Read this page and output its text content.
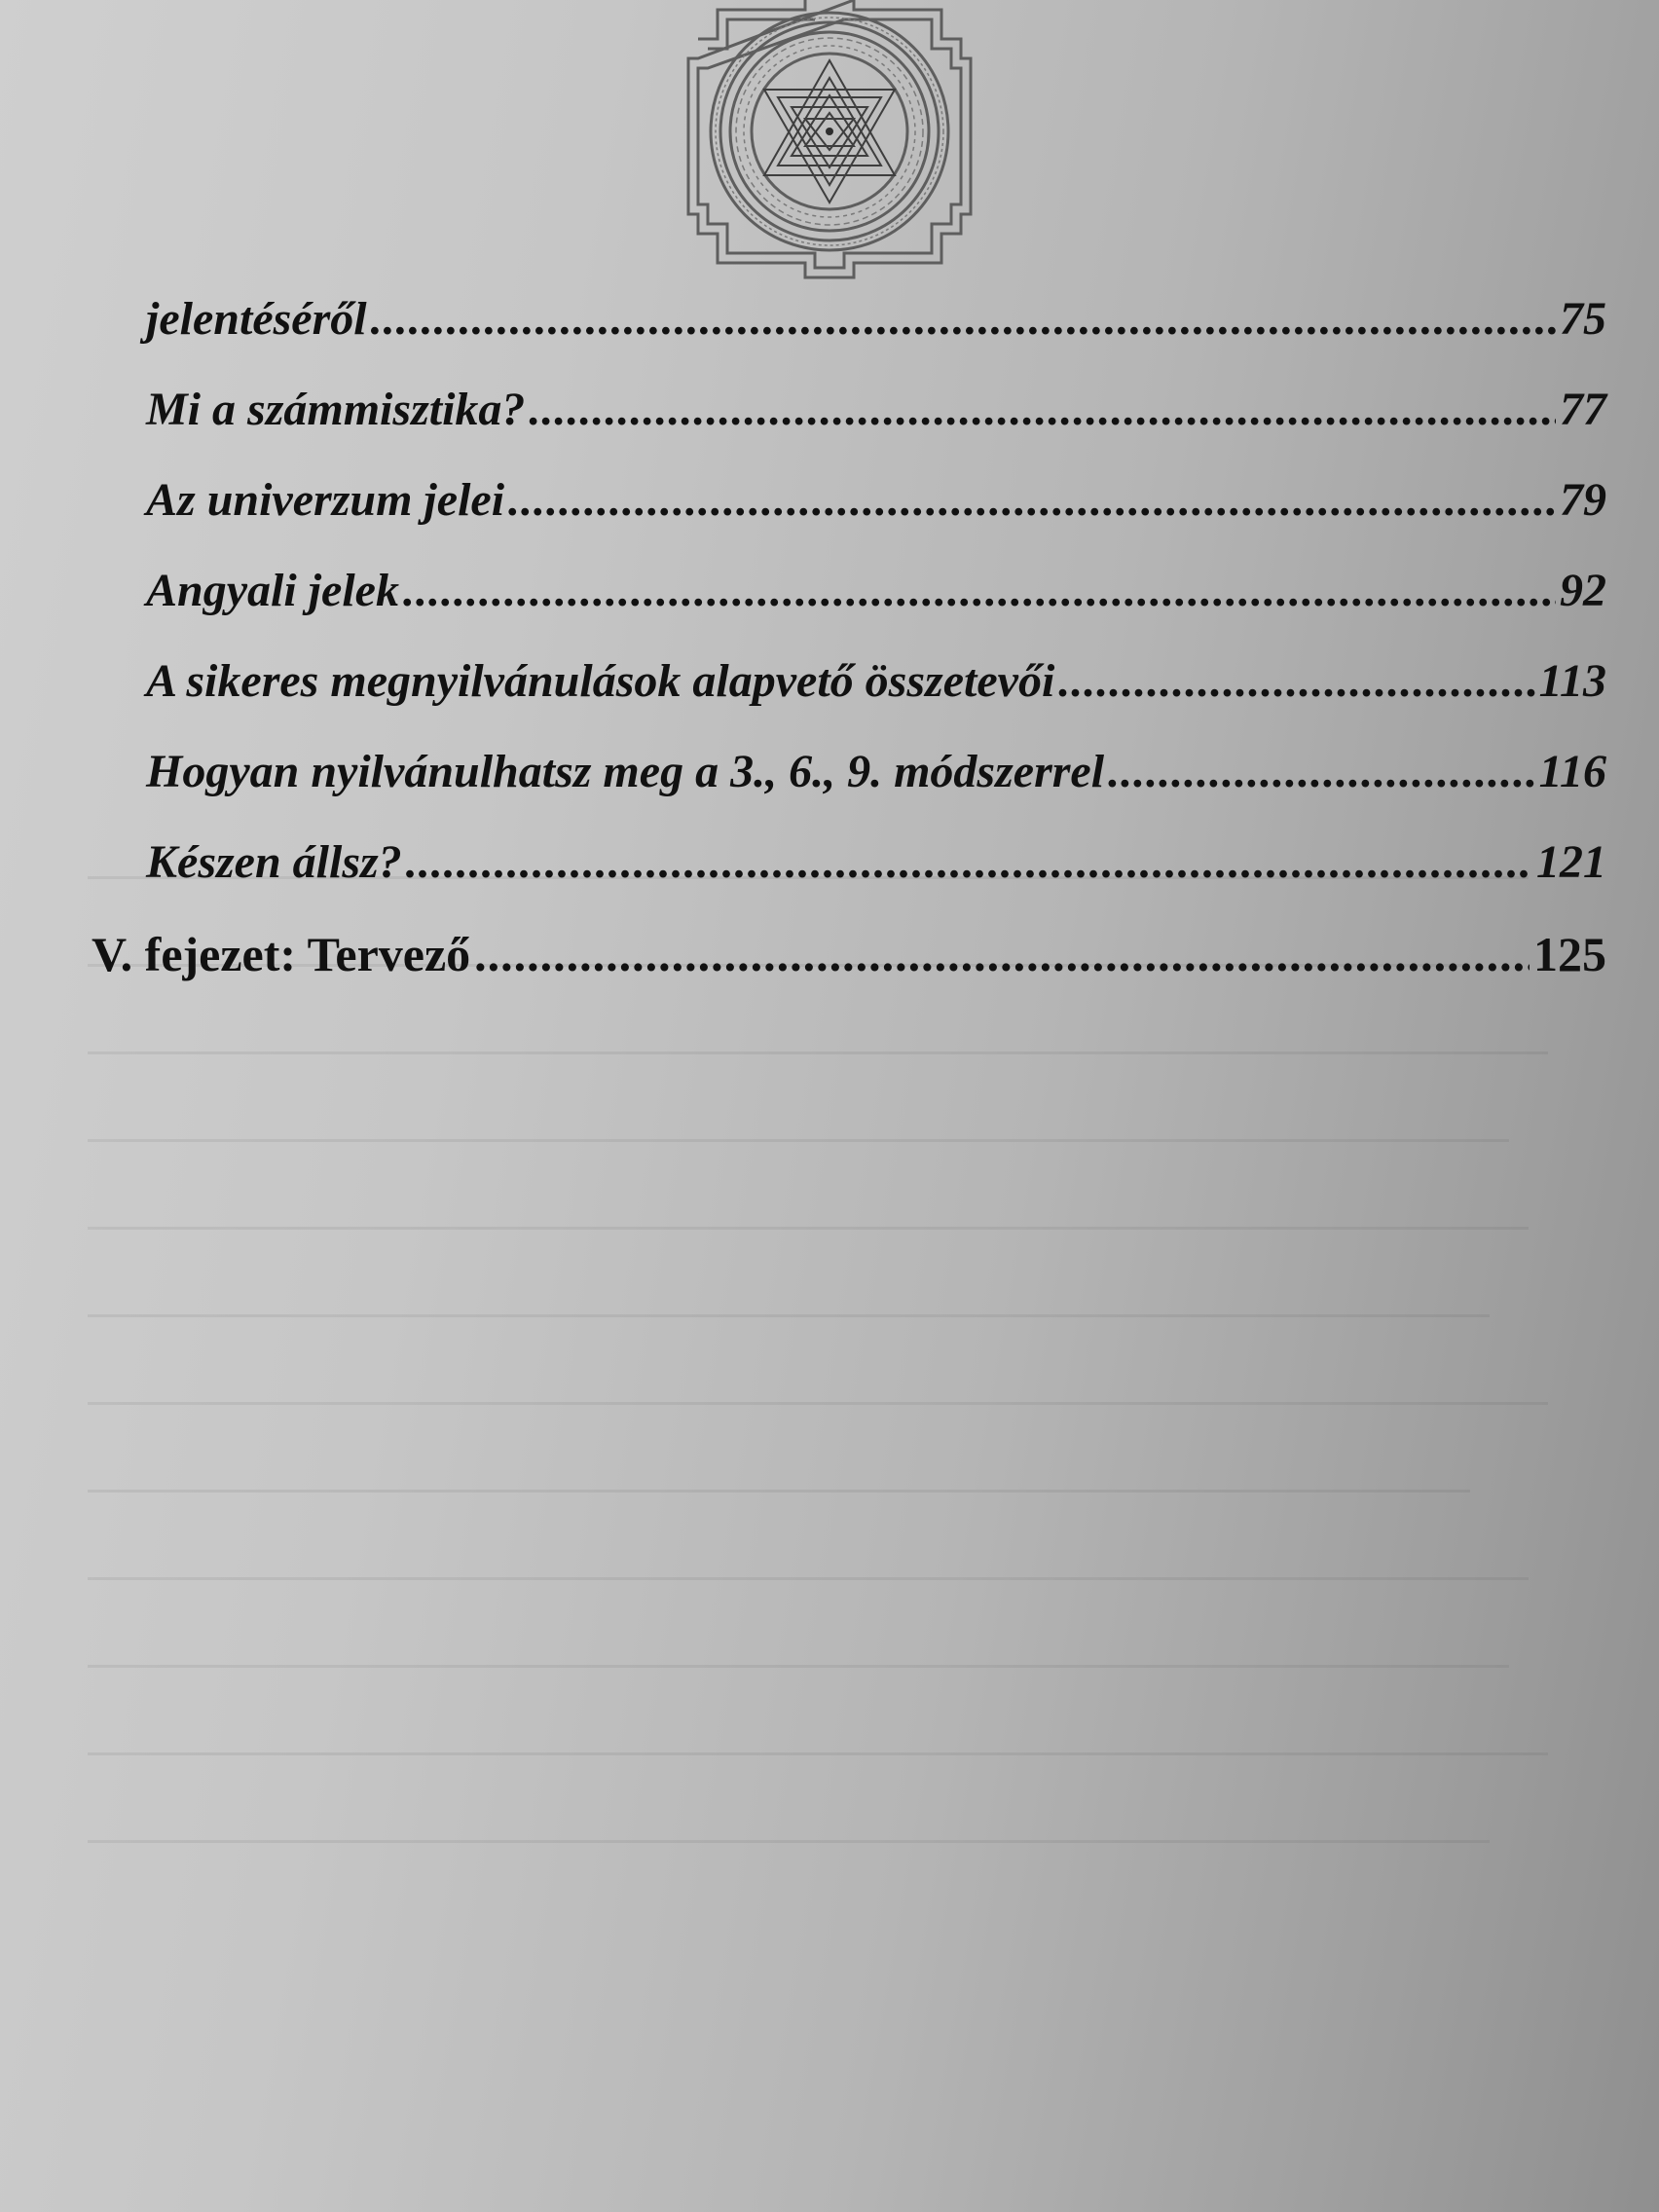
jelentéséről .....	75
Mi a számmisztika? .....	77
Az univerzum jelei .....	79
Angyali jelek .....	92
A sikeres megnyilvánulások alapvető összetevői .....	113
Hogyan nyilvánulhatsz meg a 3., 6., 9. módszerrel .....	116
Készen állsz? .....	121
V. fejezet: Tervező .....	125
